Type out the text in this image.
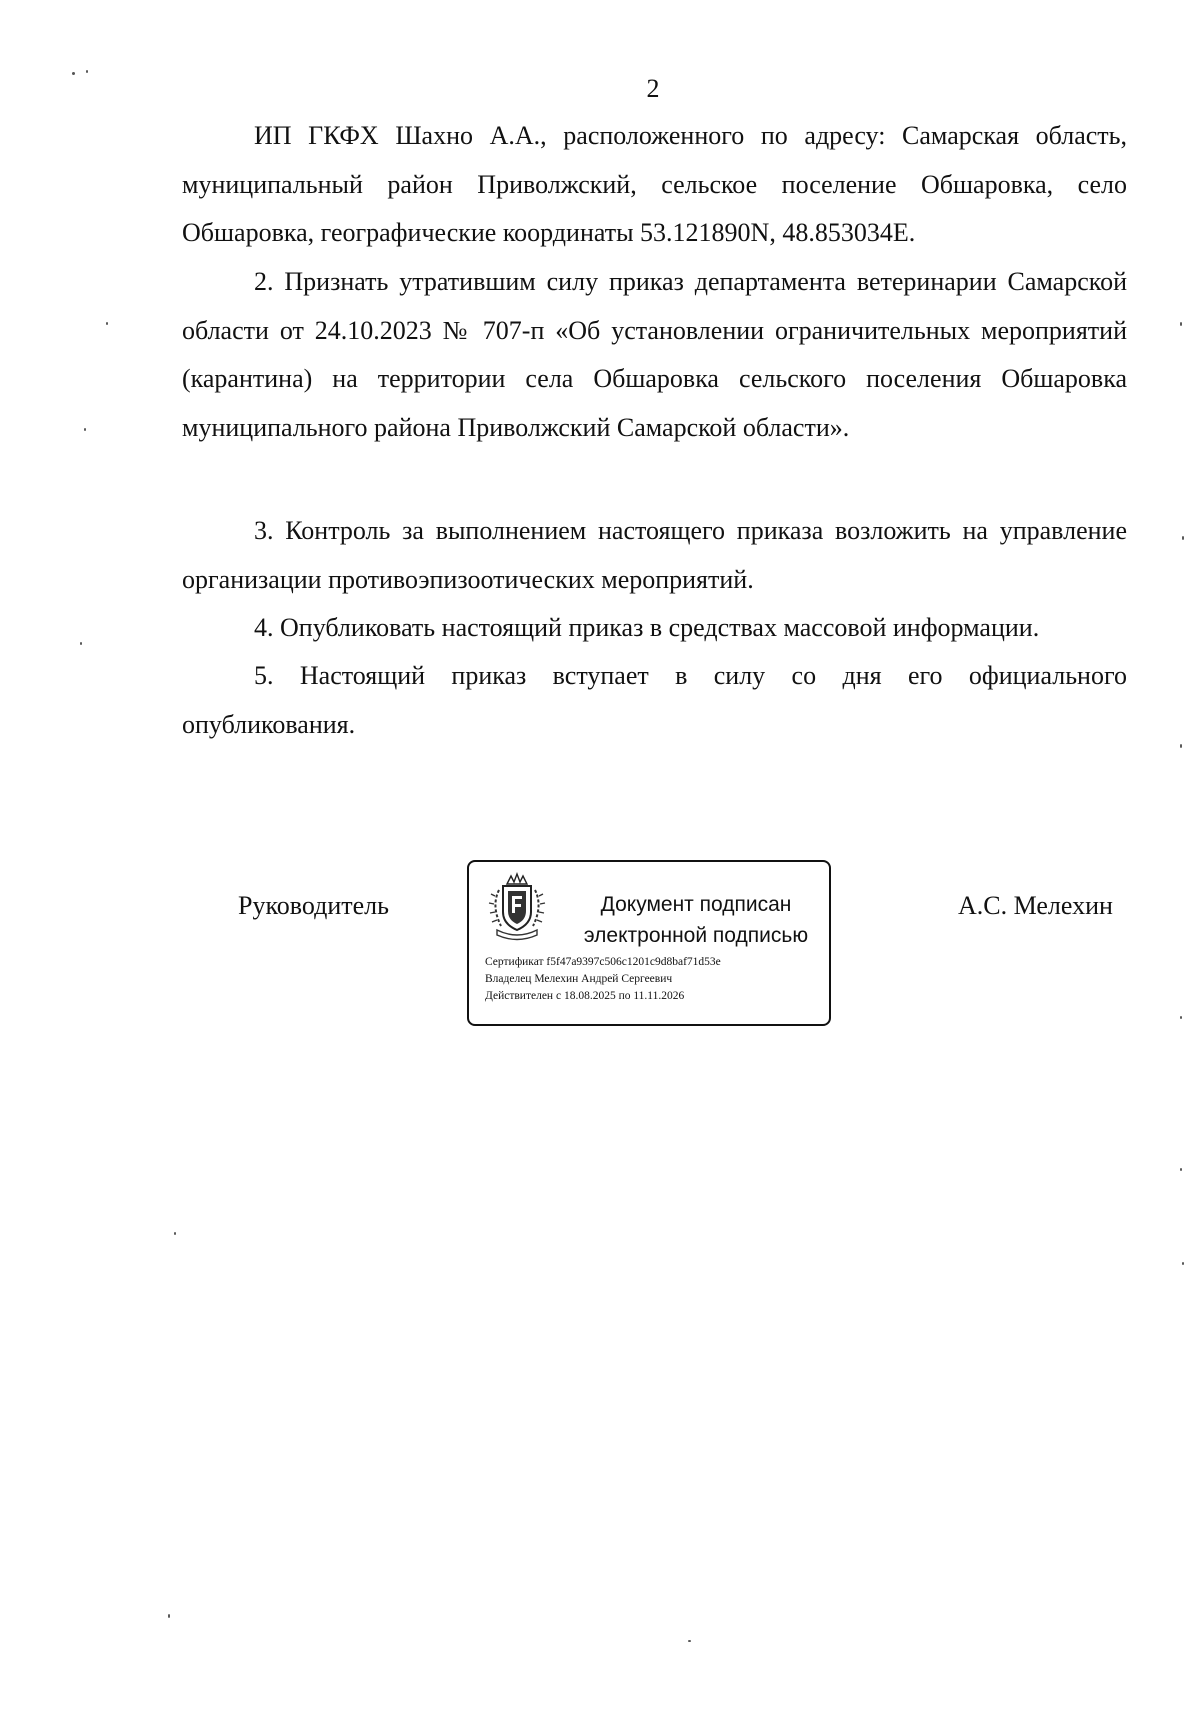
2

ИП ГКФХ Шахно А.А., расположенного по адресу: Самарская область, муниципальный район Приволжский, сельское поселение Обшаровка, село Обшаровка, географические координаты 53.121890N, 48.853034E.

2. Признать утратившим силу приказ департамента ветеринарии Самарской области от 24.10.2023 № 707-п «Об установлении ограничительных мероприятий (карантина) на территории села Обшаровка сельского поселения Обшаровка муниципального района Приволжский Самарской области».

3. Контроль за выполнением настоящего приказа возложить на управление организации противоэпизоотических мероприятий.

4. Опубликовать настоящий приказ в средствах массовой информации.

5. Настоящий приказ вступает в силу со дня его официального опубликования.

Руководитель	Документ подписан
электронной подписью
Сертификат f5f47a9397c506c1201c9d8baf71d53e
Владелец Мелехин Андрей Сергеевич
Действителен с 18.08.2025 по 11.11.2026
А.С. Мелехин
